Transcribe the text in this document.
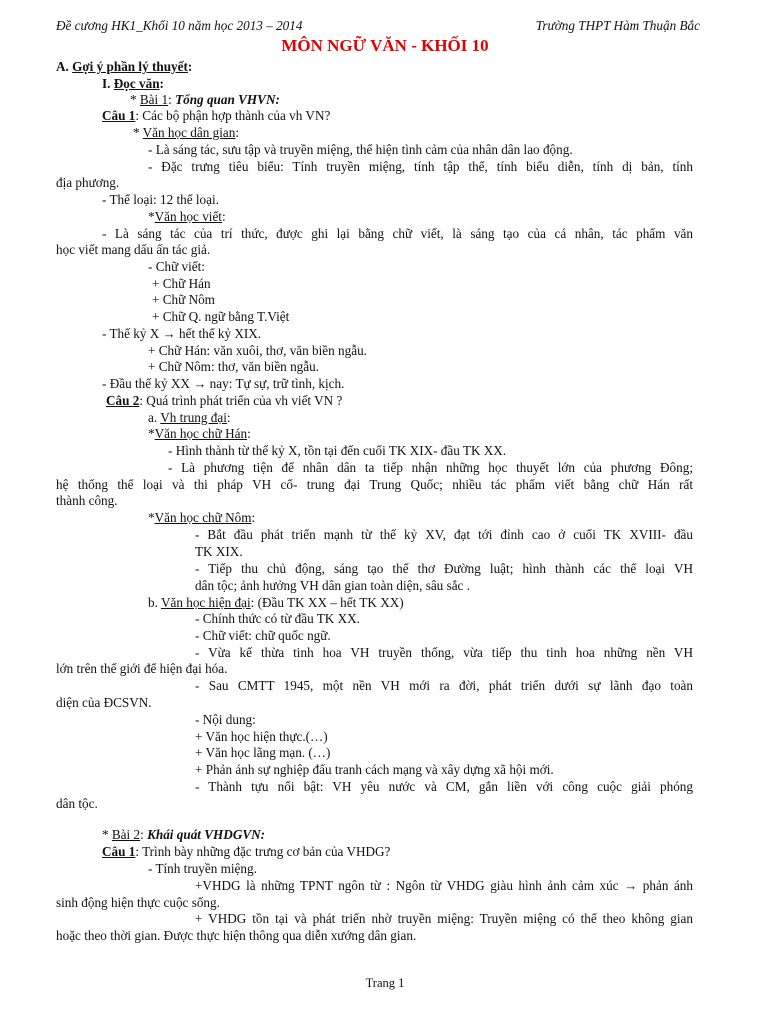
Đề cương HK1_Khối 10 năm học 2013 – 2014	Trường THPT Hàm Thuận Bắc
MÔN NGỮ VĂN - KHỐI 10
A. Gợi ý phần lý thuyết:
I. Đọc văn:
* Bài 1: Tổng quan VHVN:
Câu 1: Các bộ phận hợp thành của vh VN?
* Văn học dân gian:
- Là sáng tác, sưu tập và truyền miệng, thể hiện tình cảm của nhân dân lao động.
- Đặc trưng tiêu biểu: Tính truyền miệng, tính tập thể, tính biểu diễn, tính dị bản, tính
địa phương.
- Thể loại: 12 thể loại.
*Văn học viết:
- Là sáng tác của trí thức, được ghi lại bằng chữ viết, là sáng tạo của cá nhân, tác phẩm văn
học viết mang dấu ấn tác giả.
- Chữ viết:
+ Chữ Hán
+ Chữ Nôm
+ Chữ Q. ngữ bằng T.Việt
- Thế kỷ X → hết thế kỷ XIX.
+ Chữ Hán: văn xuôi, thơ, văn biền ngẫu.
+ Chữ Nôm: thơ, văn biền ngẫu.
- Đầu thế kỷ XX → nay: Tự sự, trữ tình, kịch.
Câu 2: Quá trình phát triển của vh viết VN ?
a. Vh trung đại:
*Văn học chữ Hán:
- Hình thành từ thế kỷ X, tồn tại đến cuối TK XIX- đầu TK XX.
- Là phương tiện để nhân dân ta tiếp nhận những học thuyết lớn của phương Đông;
hệ thống thể loại và thi pháp VH cổ- trung đại Trung Quốc; nhiều tác phẩm viết bằng chữ Hán rất
thành công.
*Văn học chữ Nôm:
- Bắt đầu phát triển mạnh từ thế kỷ XV, đạt tới đỉnh cao ở cuối TK XVIII- đầu
TK XIX.
- Tiếp thu chủ động, sáng tạo thể thơ Đường luật; hình thành các thể loại VH
dân tộc; ảnh hưởng VH dân gian toàn diện, sâu sắc .
b. Văn học hiện đại: (Đầu TK XX – hết TK XX)
- Chính thức có từ đầu TK XX.
- Chữ viết: chữ quốc ngữ.
- Vừa kế thừa tinh hoa VH truyền thống, vừa tiếp thu tinh hoa những nền VH
lớn trên thế giới để hiện đại hóa.
- Sau CMTT 1945, một nền VH mới ra đời, phát triển dưới sự lãnh đạo toàn
diện của ĐCSVN.
- Nội dung:
+ Văn học hiện thực.(…)
+ Văn học lãng mạn. (…)
+ Phản ánh sự nghiệp đấu tranh cách mạng và xây dựng xã hội mới.
- Thành tựu nổi bật: VH yêu nước và CM, gắn liền với công cuộc giải phóng
dân tộc.
* Bài 2: Khái quát VHDGVN:
Câu 1: Trình bày những đặc trưng cơ bản của VHDG?
- Tính truyền miệng.
+VHDG là những TPNT ngôn từ : Ngôn từ VHDG giàu hình ảnh cảm xúc → phản ánh
sinh động hiện thực cuộc sống.
+ VHDG tồn tại và phát triển nhờ truyền miệng: Truyền miệng có thể theo không gian
hoặc theo thời gian. Được thực hiện thông qua diễn xướng dân gian.
Trang 1
